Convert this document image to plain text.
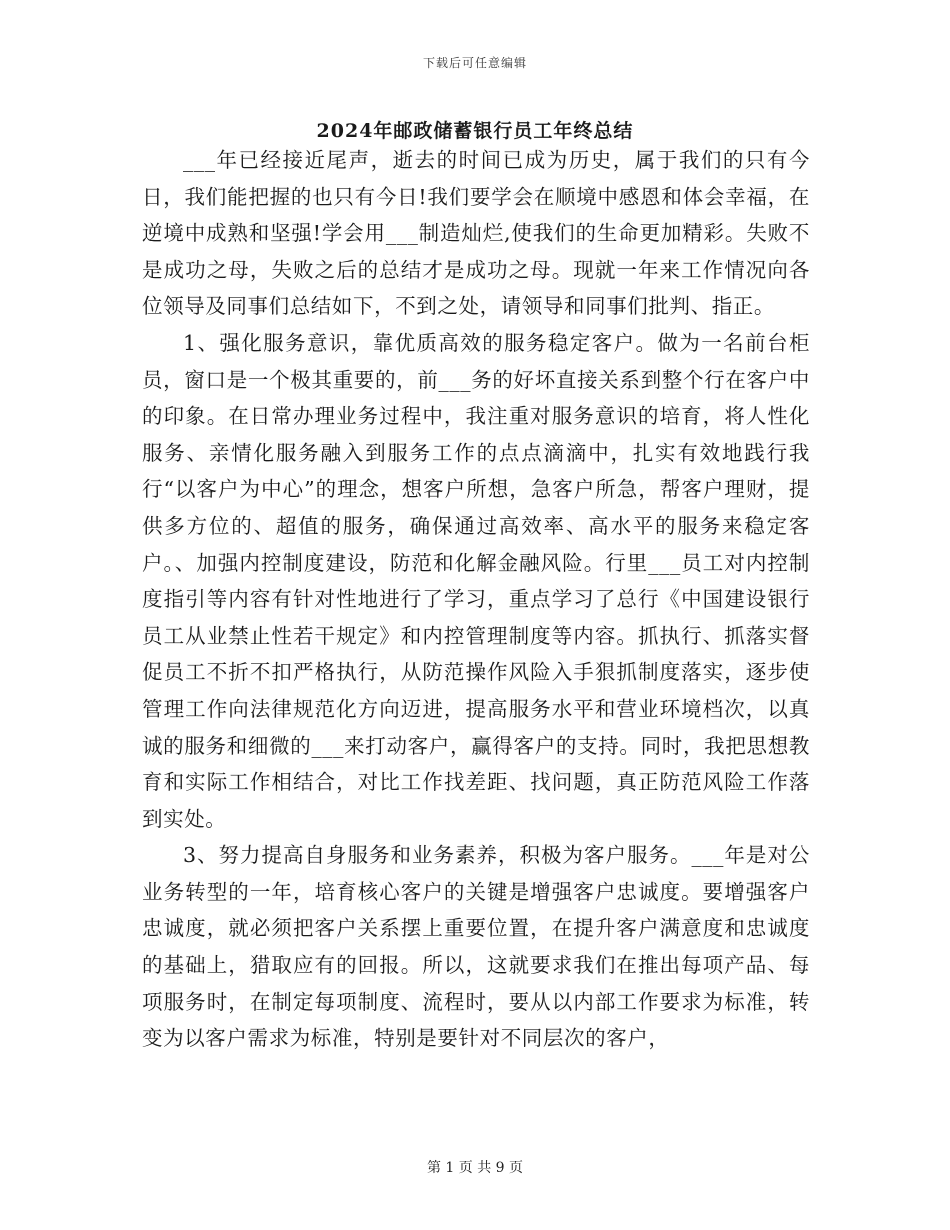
下载后可任意编辑
2024年邮政储蓄银行员工年终总结

___年已经接近尾声，逝去的时间已成为历史，属于我们的只有今日，我们能把握的也只有今日!我们要学会在顺境中感恩和体会幸福，在逆境中成熟和坚强!学会用___制造灿烂,使我们的生命更加精彩。失败不是成功之母，失败之后的总结才是成功之母。现就一年来工作情况向各位领导及同事们总结如下，不到之处，请领导和同事们批判、指正。

1、强化服务意识，靠优质高效的服务稳定客户。做为一名前台柜员，窗口是一个极其重要的，前___务的好坏直接关系到整个行在客户中的印象。在日常办理业务过程中，我注重对服务意识的培育，将人性化服务、亲情化服务融入到服务工作的点点滴滴中，扎实有效地践行我行“以客户为中心”的理念，想客户所想，急客户所急，帮客户理财，提供多方位的、超值的服务，确保通过高效率、高水平的服务来稳定客户。、加强内控制度建设，防范和化解金融风险。行里___员工对内控制度指引等内容有针对性地进行了学习，重点学习了总行《中国建设银行员工从业禁止性若干规定》和内控管理制度等内容。抓执行、抓落实督促员工不折不扣严格执行，从防范操作风险入手狠抓制度落实，逐步使管理工作向法律规范化方向迈进，提高服务水平和营业环境档次，以真诚的服务和细微的___来打动客户，赢得客户的支持。同时，我把思想教育和实际工作相结合，对比工作找差距、找问题，真正防范风险工作落到实处。

3、努力提高自身服务和业务素养，积极为客户服务。___年是对公业务转型的一年，培育核心客户的关键是增强客户忠诚度。要增强客户忠诚度，就必须把客户关系摆上重要位置，在提升客户满意度和忠诚度的基础上，猎取应有的回报。所以，这就要求我们在推出每项产品、每项服务时，在制定每项制度、流程时，要从以内部工作要求为标准，转变为以客户需求为标准，特别是要针对不同层次的客户，

第 1 页 共 9 页
